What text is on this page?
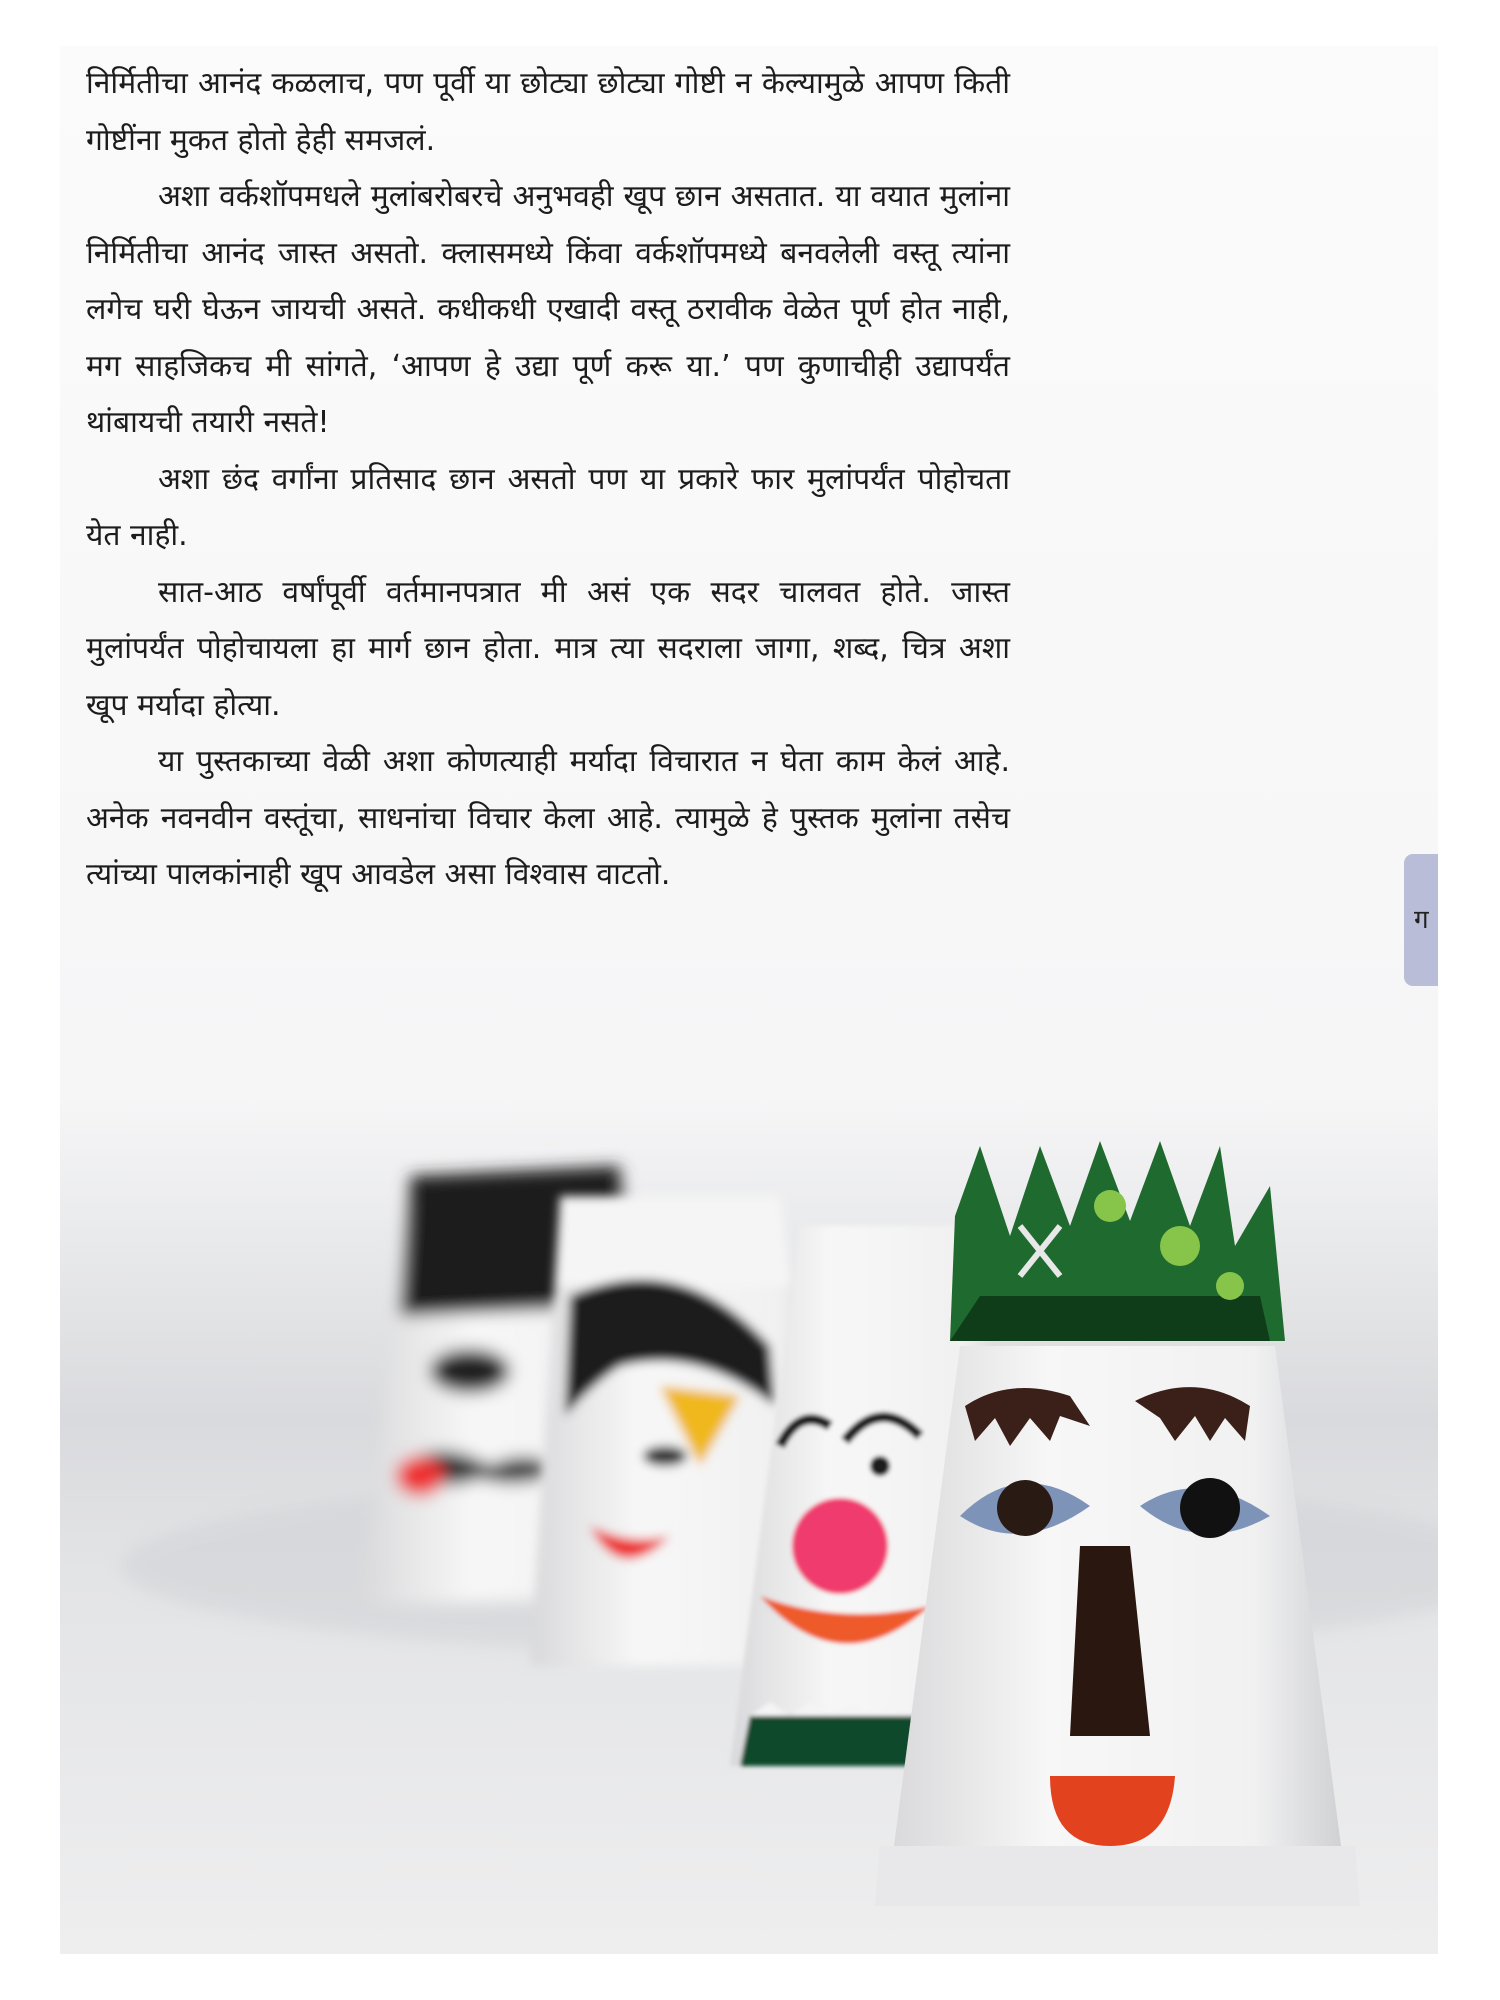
निर्मितीचा आनंद कळलाच, पण पूर्वी या छोट्या छोट्या गोष्टी न केल्यामुळे आपण किती गोष्टींना मुकत होतो हेही समजलं.

अशा वर्कशॉपमधले मुलांबरोबरचे अनुभवही खूप छान असतात. या वयात मुलांना निर्मितीचा आनंद जास्त असतो. क्लासमध्ये किंवा वर्कशॉपमध्ये बनवलेली वस्तू त्यांना लगेच घरी घेऊन जायची असते. कधीकधी एखादी वस्तू ठरावीक वेळेत पूर्ण होत नाही, मग साहजिकच मी सांगते, ‘आपण हे उद्या पूर्ण करू या.’ पण कुणाचीही उद्यापर्यंत थांबायची तयारी नसते!

अशा छंद वर्गांना प्रतिसाद छान असतो पण या प्रकारे फार मुलांपर्यंत पोहोचता येत नाही.

सात-आठ वर्षांपूर्वी वर्तमानपत्रात मी असं एक सदर चालवत होते. जास्त मुलांपर्यंत पोहोचायला हा मार्ग छान होता. मात्र त्या सदराला जागा, शब्द, चित्र अशा खूप मर्यादा होत्या.

या पुस्तकाच्या वेळी अशा कोणत्याही मर्यादा विचारात न घेता काम केलं आहे. अनेक नवनवीन वस्तूंचा, साधनांचा विचार केला आहे. त्यामुळे हे पुस्तक मुलांना तसेच त्यांच्या पालकांनाही खूप आवडेल असा विश्वास वाटतो.

ग
